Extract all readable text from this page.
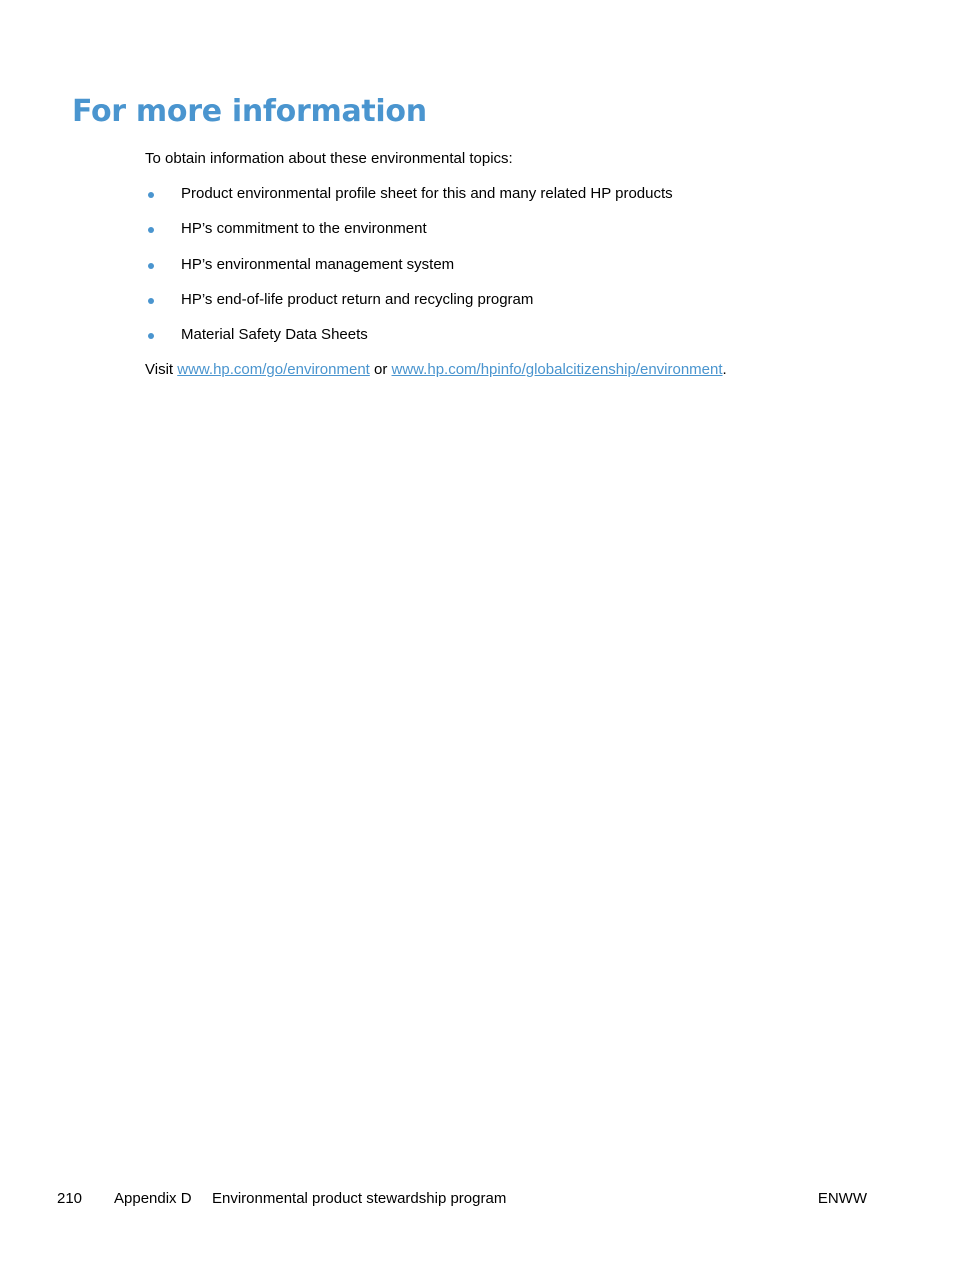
For more information

To obtain information about these environmental topics:

Product environmental profile sheet for this and many related HP products
HP’s commitment to the environment
HP’s environmental management system
HP’s end-of-life product return and recycling program
Material Safety Data Sheets

Visit www.hp.com/go/environment or www.hp.com/hpinfo/globalcitizenship/environment.

210 Appendix D Environmental product stewardship program	ENWW
